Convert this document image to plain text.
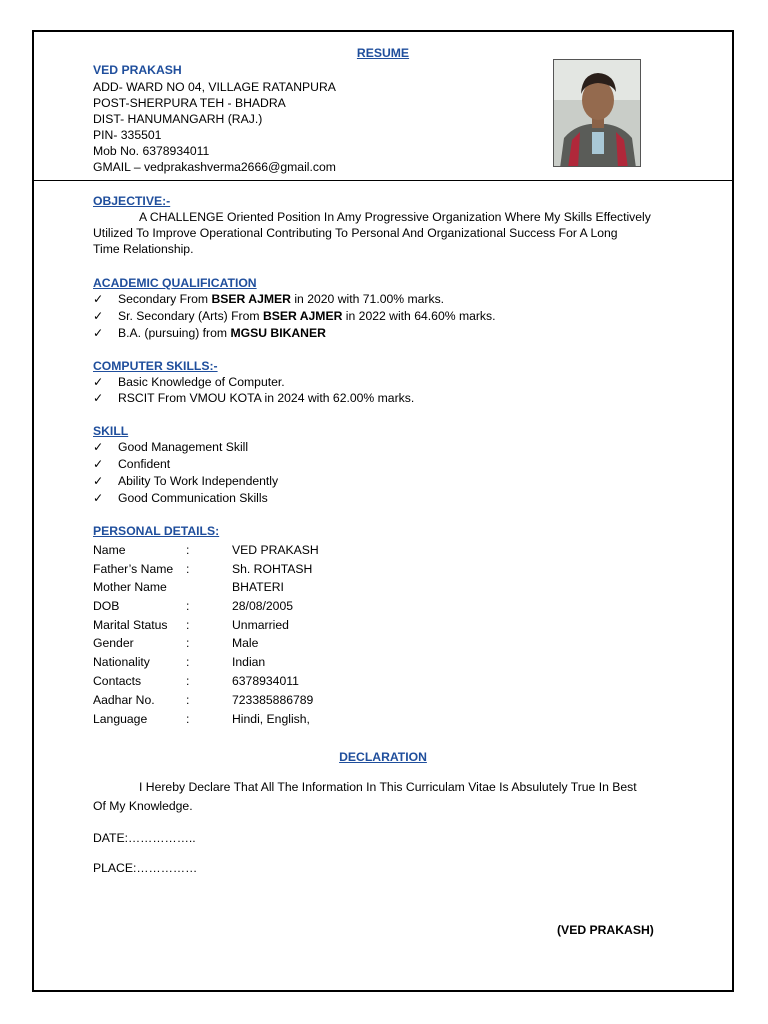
RESUME
VED PRAKASH
ADD- WARD NO 04, VILLAGE RATANPURA
POST-SHERPURA TEH - BHADRA
DIST- HANUMANGARH (RAJ.)
PIN- 335501
Mob No. 6378934011
GMAIL – vedprakashverma2666@gmail.com
OBJECTIVE:-
A CHALLENGE Oriented Position In Amy Progressive Organization Where My Skills Effectively
Utilized To Improve Operational Contributing To Personal And Organizational Success For A Long
Time Relationship.
ACADEMIC QUALIFICATION
✓ Secondary From BSER AJMER in 2020 with 71.00% marks.
✓ Sr. Secondary (Arts) From BSER AJMER in 2022 with 64.60% marks.
✓ B.A. (pursuing) from MGSU BIKANER
COMPUTER SKILLS:-
✓ Basic Knowledge of Computer.
✓ RSCIT From VMOU KOTA in 2024 with 62.00% marks.
SKILL
✓ Good Management Skill
✓ Confident
✓ Ability To Work Independently
✓ Good Communication Skills
PERSONAL DETAILS:
Name	:	VED PRAKASH
Father’s Name :	Sh. ROHTASH
Mother Name	BHATERI
DOB	:	28/08/2005
Marital Status :	Unmarried
Gender	:	Male
Nationality	:	Indian
Contacts	:	6378934011
Aadhar No.	:	723385886789
Language	:	Hindi, English,
DECLARATION
I Hereby Declare That All The Information In This Curriculam Vitae Is Absulutely True In Best
Of My Knowledge.
DATE:……………..
PLACE:……………
(VED PRAKASH)
